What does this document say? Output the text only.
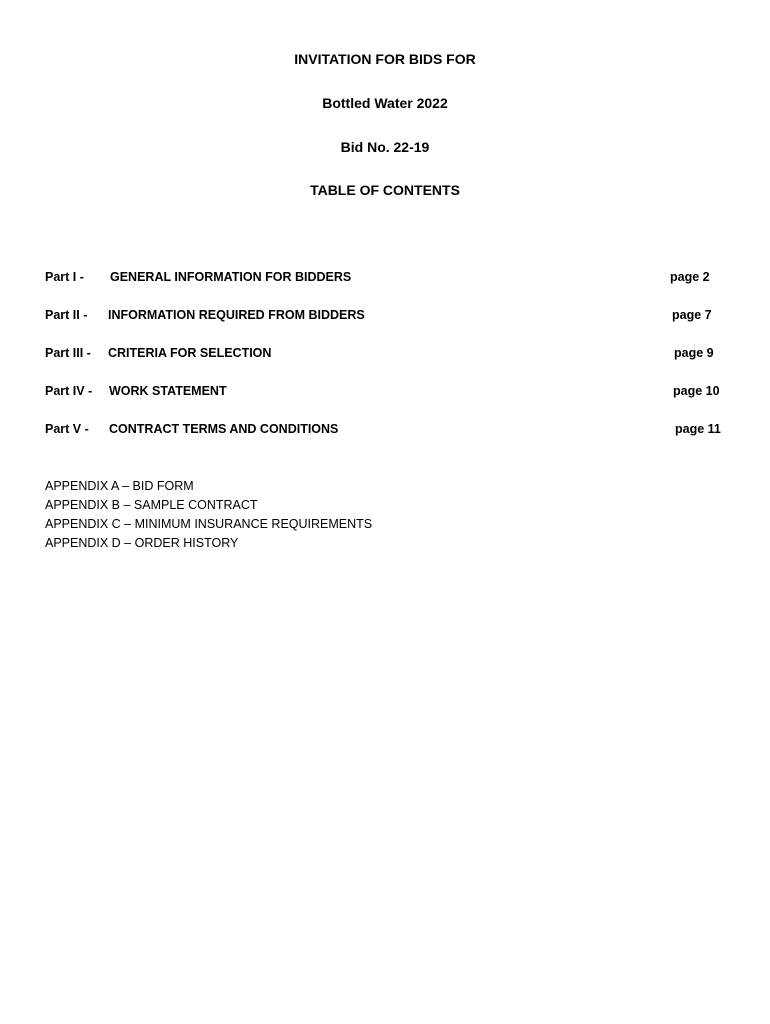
INVITATION FOR BIDS FOR
Bottled Water 2022
Bid No. 22-19
TABLE OF CONTENTS
Part I - GENERAL INFORMATION FOR BIDDERS	page 2
Part II - INFORMATION REQUIRED FROM BIDDERS	page 7
Part III - CRITERIA FOR SELECTION	page 9
Part IV - WORK STATEMENT	page 10
Part V - CONTRACT TERMS AND CONDITIONS	page 11
APPENDIX A – BID FORM
APPENDIX B – SAMPLE CONTRACT
APPENDIX C – MINIMUM INSURANCE REQUIREMENTS
APPENDIX D – ORDER HISTORY
